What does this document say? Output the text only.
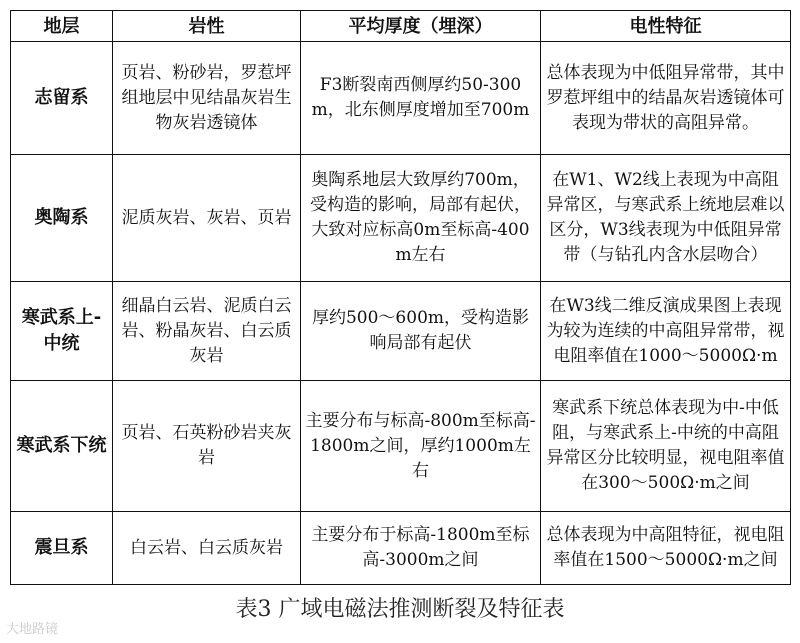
地层	岩性	平均厚度（埋深）	电性特征
志留系	页岩、粉砂岩，罗惹坪组地层中见结晶灰岩生物灰岩透镜体	F3断裂南西侧厚约50-300m，北东侧厚度增加至700m	总体表现为中低阻异常带，其中罗惹坪组中的结晶灰岩透镜体可表现为带状的高阻异常。
奥陶系	泥质灰岩、灰岩、页岩	奥陶系地层大致厚约700m，受构造的影响，局部有起伏，大致对应标高0m至标高-400m左右	在W1、W2线上表现为中高阻异常区，与寒武系上统地层难以区分，W3线表现为中低阻异常带（与钻孔内含水层吻合）
寒武系上-中统	细晶白云岩、泥质白云岩、粉晶灰岩、白云质灰岩	厚约500～600m，受构造影响局部有起伏	在W3线二维反演成果图上表现为较为连续的中高阻异常带，视电阻率值在1000～5000Ω·m
寒武系下统	页岩、石英粉砂岩夹灰岩	主要分布与标高-800m至标高-1800m之间，厚约1000m左右	寒武系下统总体表现为中-中低阻，与寒武系上-中统的中高阻异常区分比较明显，视电阻率值在300～500Ω·m之间
震旦系	白云岩、白云质灰岩	主要分布于标高-1800m至标高-3000m之间	总体表现为中高阻特征，视电阻率值在1500～5000Ω·m之间
表3 广域电磁法推测断裂及特征表
大地路镜
